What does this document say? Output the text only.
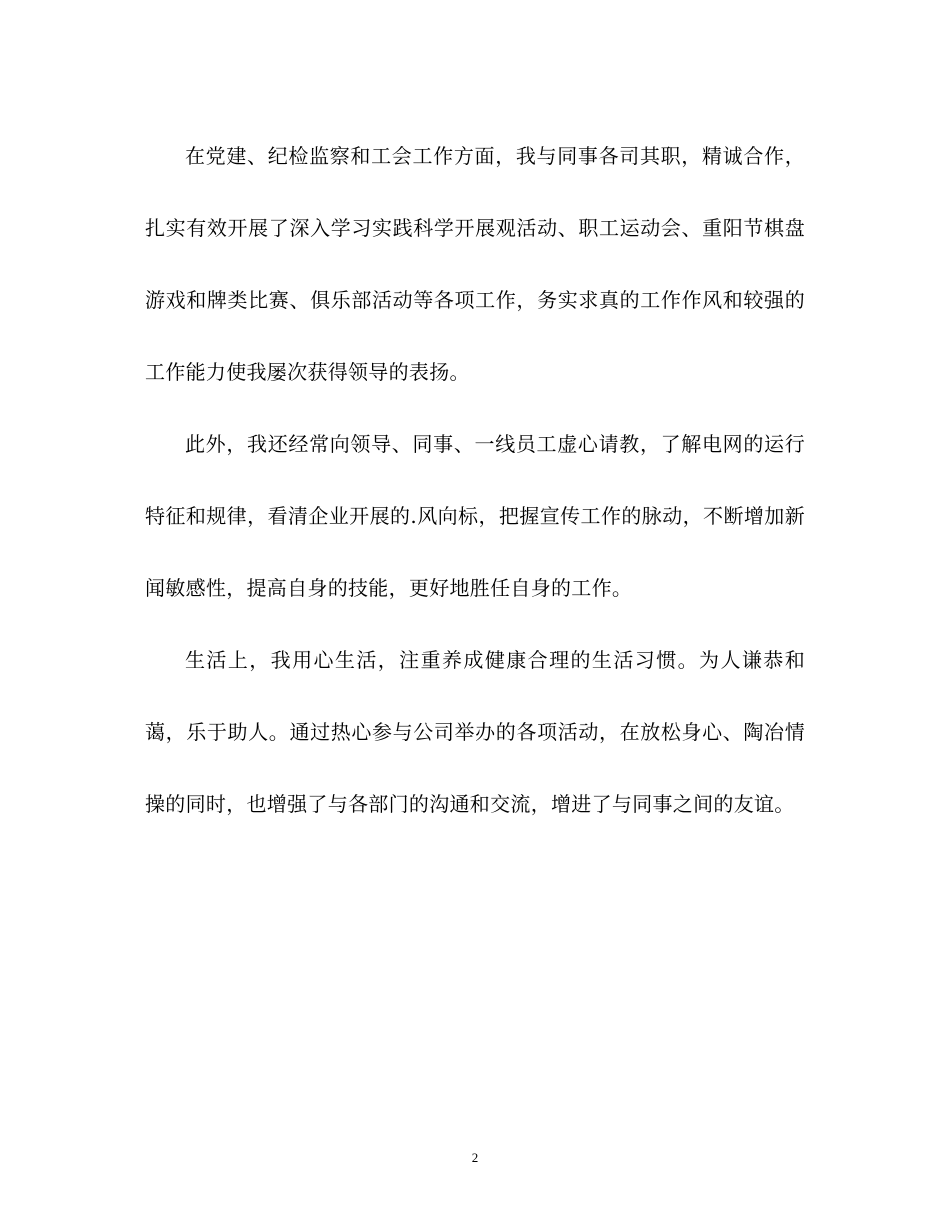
在党建、纪检监察和工会工作方面，我与同事各司其职，精诚合作，扎实有效开展了深入学习实践科学开展观活动、职工运动会、重阳节棋盘游戏和牌类比赛、俱乐部活动等各项工作，务实求真的工作作风和较强的工作能力使我屡次获得领导的表扬。

此外，我还经常向领导、同事、一线员工虚心请教，了解电网的运行特征和规律，看清企业开展的.风向标，把握宣传工作的脉动，不断增加新闻敏感性，提高自身的技能，更好地胜任自身的工作。

生活上，我用心生活，注重养成健康合理的生活习惯。为人谦恭和蔼，乐于助人。通过热心参与公司举办的各项活动，在放松身心、陶冶情操的同时，也增强了与各部门的沟通和交流，增进了与同事之间的友谊。

2
